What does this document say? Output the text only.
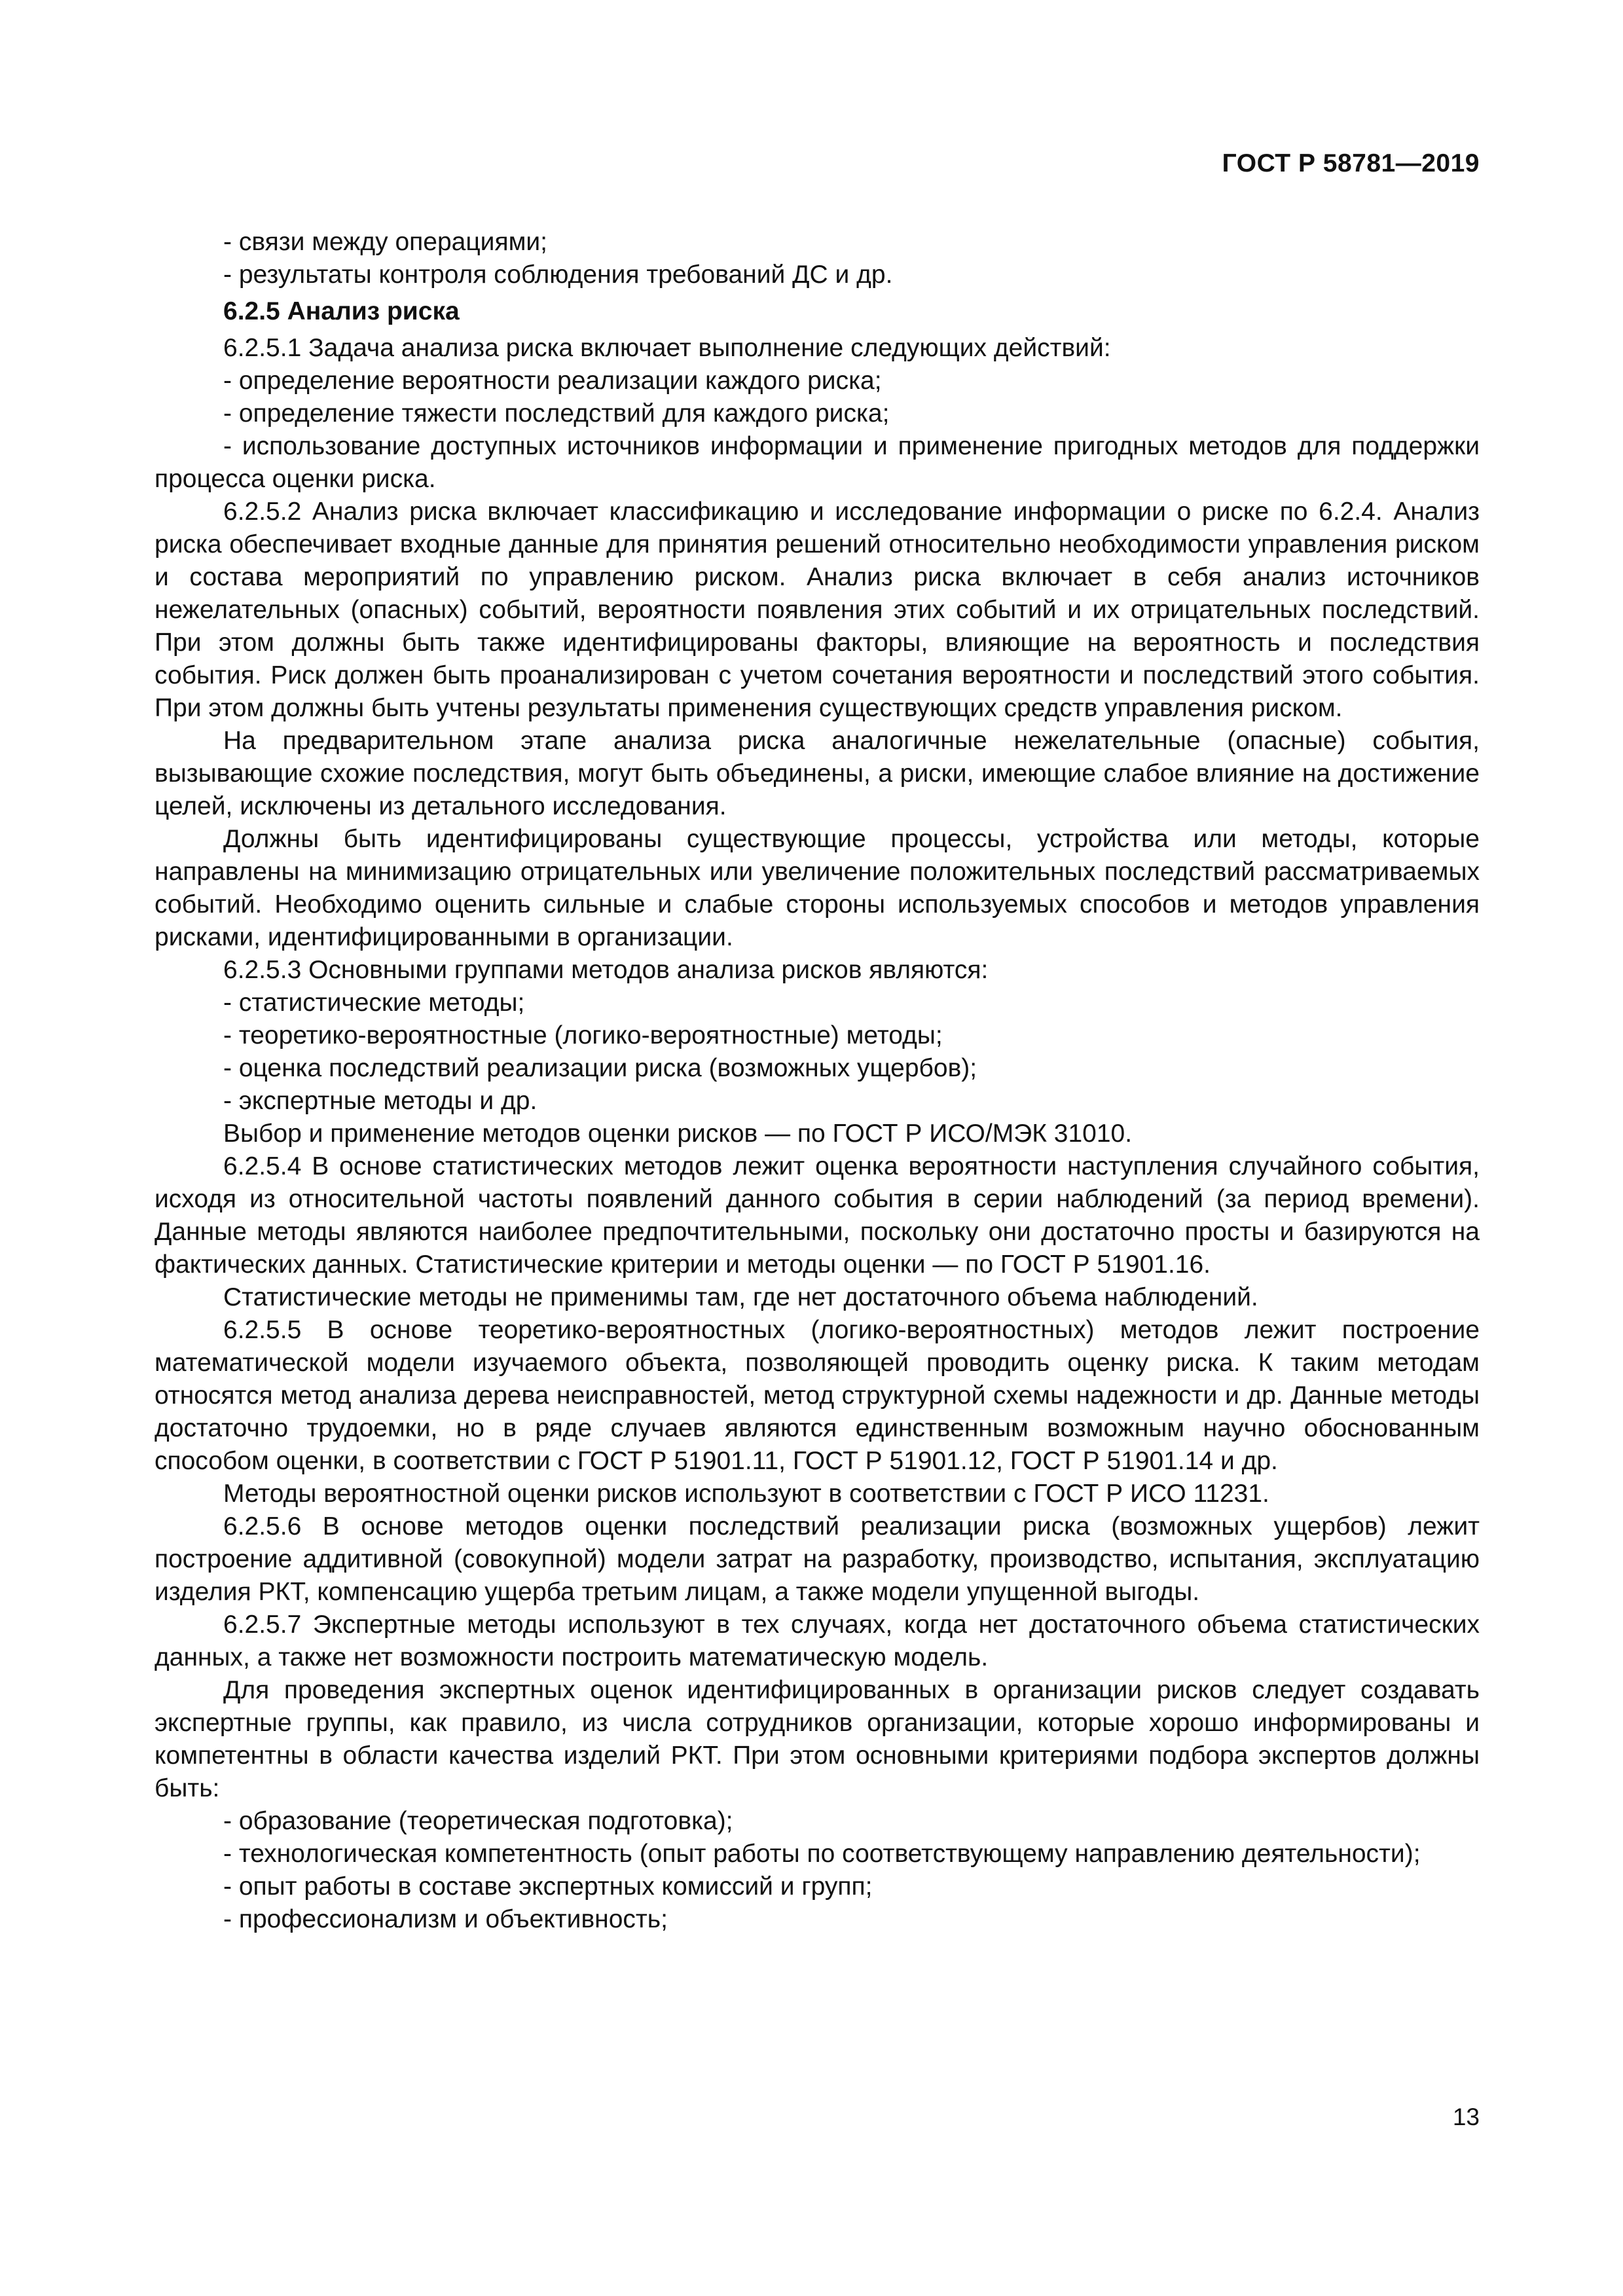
ГОСТ Р 58781—2019

- связи между операциями;

- результаты контроля соблюдения требований ДС и др.

6.2.5 Анализ риска

6.2.5.1 Задача анализа риска включает выполнение следующих действий:

- определение вероятности реализации каждого риска;

- определение тяжести последствий для каждого риска;

- использование доступных источников информации и применение пригодных методов для поддержки процесса оценки риска.

6.2.5.2 Анализ риска включает классификацию и исследование информации о риске по 6.2.4. Анализ риска обеспечивает входные данные для принятия решений относительно необходимости управления риском и состава мероприятий по управлению риском. Анализ риска включает в себя анализ источников нежелательных (опасных) событий, вероятности появления этих событий и их отрицательных последствий. При этом должны быть также идентифицированы факторы, влияющие на вероятность и последствия события. Риск должен быть проанализирован с учетом сочетания вероятности и последствий этого события. При этом должны быть учтены результаты применения существующих средств управления риском.

На предварительном этапе анализа риска аналогичные нежелательные (опасные) события, вызывающие схожие последствия, могут быть объединены, а риски, имеющие слабое влияние на достижение целей, исключены из детального исследования.

Должны быть идентифицированы существующие процессы, устройства или методы, которые направлены на минимизацию отрицательных или увеличение положительных последствий рассматриваемых событий. Необходимо оценить сильные и слабые стороны используемых способов и методов управления рисками, идентифицированными в организации.

6.2.5.3 Основными группами методов анализа рисков являются:

- статистические методы;

- теоретико-вероятностные (логико-вероятностные) методы;

- оценка последствий реализации риска (возможных ущербов);

- экспертные методы и др.

Выбор и применение методов оценки рисков — по ГОСТ Р ИСО/МЭК 31010.

6.2.5.4 В основе статистических методов лежит оценка вероятности наступления случайного события, исходя из относительной частоты появлений данного события в серии наблюдений (за период времени). Данные методы являются наиболее предпочтительными, поскольку они достаточно просты и базируются на фактических данных. Статистические критерии и методы оценки — по ГОСТ Р 51901.16.

Статистические методы не применимы там, где нет достаточного объема наблюдений.

6.2.5.5 В основе теоретико-вероятностных (логико-вероятностных) методов лежит построение математической модели изучаемого объекта, позволяющей проводить оценку риска. К таким методам относятся метод анализа дерева неисправностей, метод структурной схемы надежности и др. Данные методы достаточно трудоемки, но в ряде случаев являются единственным возможным научно обоснованным способом оценки, в соответствии с ГОСТ Р 51901.11, ГОСТ Р 51901.12, ГОСТ Р 51901.14 и др.

Методы вероятностной оценки рисков используют в соответствии с ГОСТ Р ИСО 11231.

6.2.5.6 В основе методов оценки последствий реализации риска (возможных ущербов) лежит построение аддитивной (совокупной) модели затрат на разработку, производство, испытания, эксплуатацию изделия РКТ, компенсацию ущерба третьим лицам, а также модели упущенной выгоды.

6.2.5.7 Экспертные методы используют в тех случаях, когда нет достаточного объема статистических данных, а также нет возможности построить математическую модель.

Для проведения экспертных оценок идентифицированных в организации рисков следует создавать экспертные группы, как правило, из числа сотрудников организации, которые хорошо информированы и компетентны в области качества изделий РКТ. При этом основными критериями подбора экспертов должны быть:

- образование (теоретическая подготовка);

- технологическая компетентность (опыт работы по соответствующему направлению деятельности);

- опыт работы в составе экспертных комиссий и групп;

- профессионализм и объективность;

13
